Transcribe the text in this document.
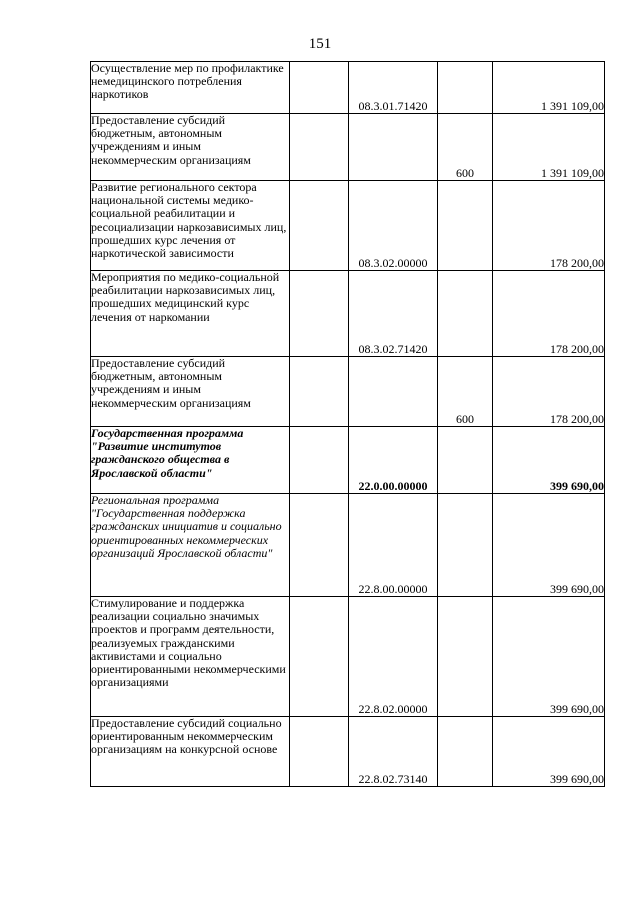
151
Осуществление мер по профилактике немедицинского потребления наркотиков		08.3.01.71420		1 391 109,00
Предоставление субсидий бюджетным, автономным учреждениям и иным некоммерческим организациям			600	1 391 109,00
Развитие регионального сектора национальной системы медико-социальной реабилитации и ресоциализации наркозависимых лиц, прошедших курс лечения от наркотической зависимости		08.3.02.00000		178 200,00
Мероприятия по медико-социальной реабилитации наркозависимых лиц, прошедших медицинский курс лечения от наркомании		08.3.02.71420		178 200,00
Предоставление субсидий бюджетным, автономным учреждениям и иным некоммерческим организациям			600	178 200,00
Государственная программа "Развитие институтов гражданского общества в Ярославской области"		22.0.00.00000		399 690,00
Региональная программа "Государственная поддержка гражданских инициатив и социально ориентированных некоммерческих организаций Ярославской области"		22.8.00.00000		399 690,00
Стимулирование и поддержка реализации социально значимых проектов и программ деятельности, реализуемых гражданскими активистами и социально ориентированными некоммерческими организациями		22.8.02.00000		399 690,00
Предоставление субсидий социально ориентированным некоммерческим организациям на конкурсной основе		22.8.02.73140		399 690,00
